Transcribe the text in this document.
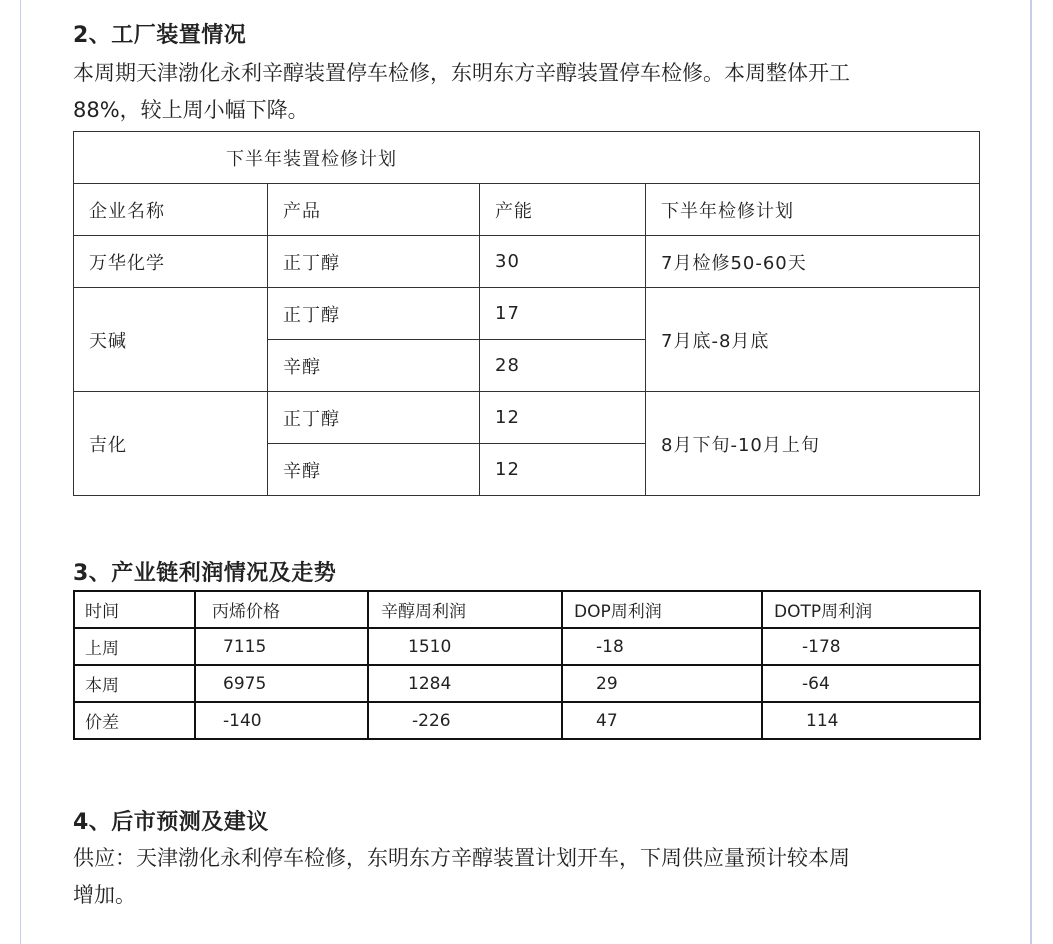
2、工厂装置情况
本周期天津渤化永利辛醇装置停车检修，东明东方辛醇装置停车检修。本周整体开工
88%，较上周小幅下降。
下半年装置检修计划			
企业名称	产品	产能	下半年检修计划
万华化学	正丁醇	30	7月检修50-60天
天碱	正丁醇	17	7月底-8月底
	辛醇	28	
吉化	正丁醇	12	8月下旬-10月上旬
	辛醇	12	
3、产业链利润情况及走势
时间	丙烯价格	辛醇周利润	DOP周利润	DOTP周利润
上周	7115	1510	-18	-178
本周	6975	1284	29	-64
价差	-140	-226	47	114
4、后市预测及建议
供应：天津渤化永利停车检修，东明东方辛醇装置计划开车，下周供应量预计较本周
增加。
